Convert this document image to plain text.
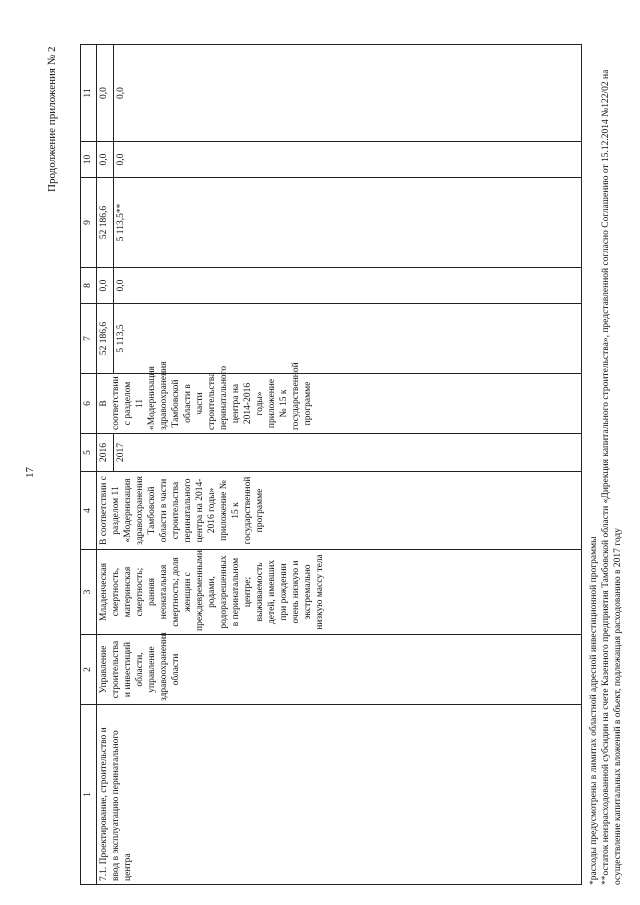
17
Продолжение приложения № 2
1	2	3	4	5	6	7	8	9	10	11
7.1. Проектирование, строительство и ввод в эксплуатацию перинатального центра	Управление строительства и инвестиций области, управление здравоохранения области	Младенческая смертность, материнская смертность; ранняя неонатальная смертность; доля женщин с преждевременными родами, родоразрешенных в перинатальном центре; выживаемость детей, имевших при рождении очень низкую и экстремально низкую массу тела	В соответствии с разделом 11 «Модернизация здравоохранения Тамбовской области в части строительства перинатального центра на 2014-2016 годы» приложение № 15 к государственной программе	2016	В соответствии с разделом 11 «Модернизация здравоохранения Тамбовской области в части строительства перинатального центра на 2014-2016 годы» приложение № 15 к государственной программе	52 186,6	0,0	52 186,6	0,0	0,0
				2017		5 113,5	0,0	5 113,5**	0,0	0,0
*расходы предусмотрены в лимитах областной адресной инвестиционной программы **остаток неизрасходованной субсидии на счете Казенного предприятия Тамбовской области «Дирекция капитального строительства», представленной согласно Соглашению от 15.12.2014 №122/02 на осуществление капитальных вложений в объект, подлежащая расходованию в 2017 году
